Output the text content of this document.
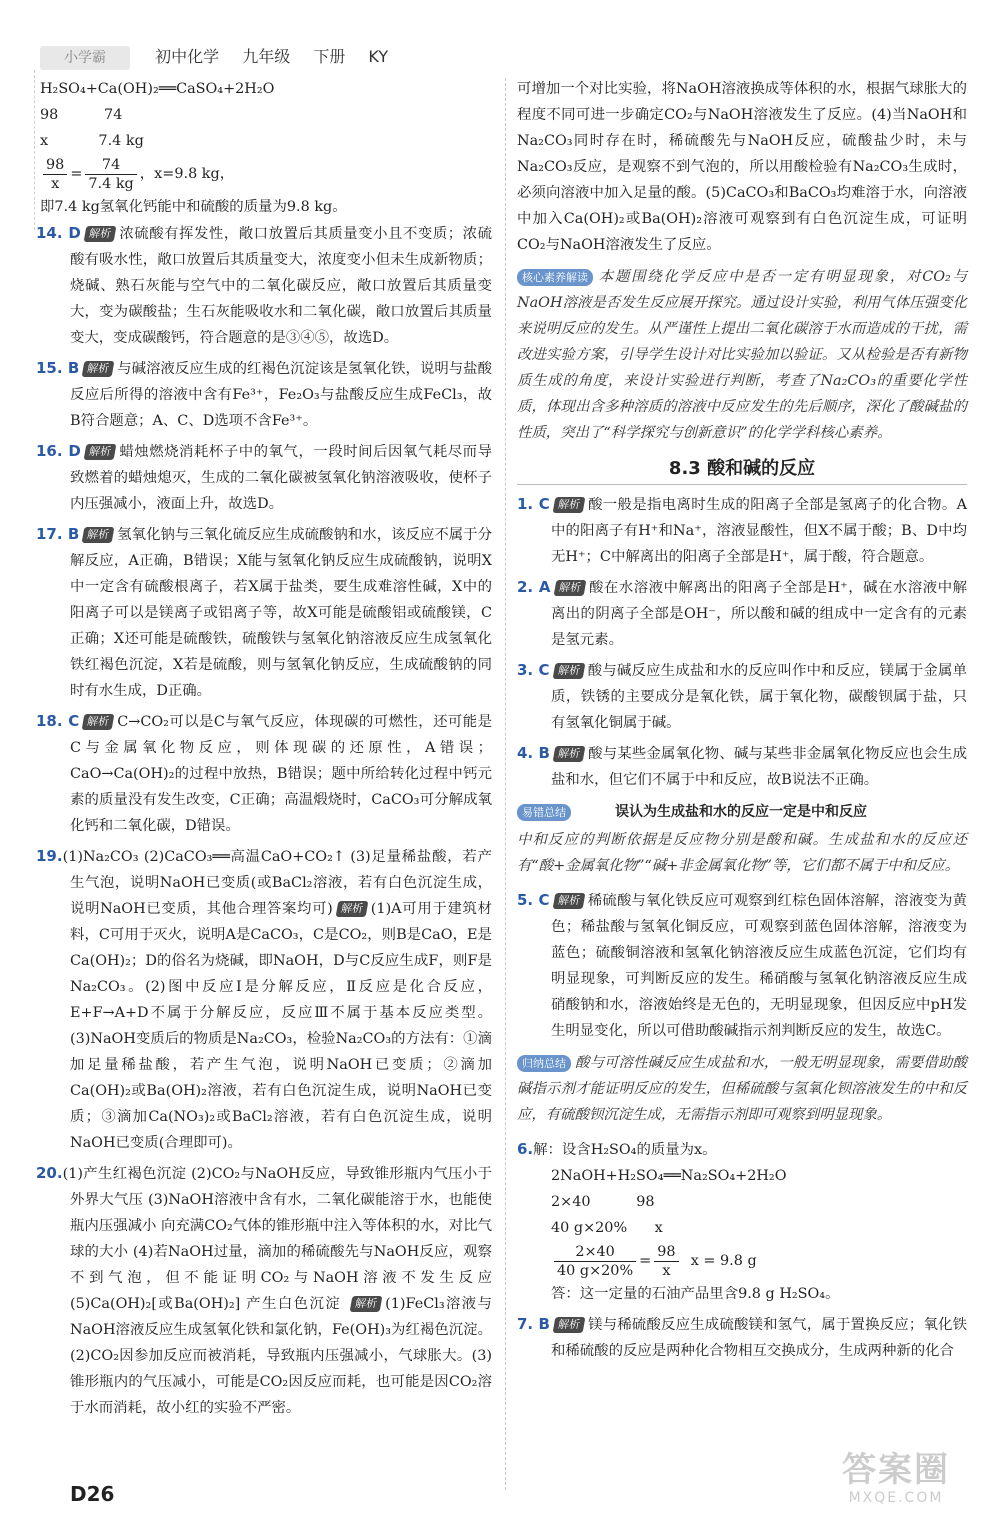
小学霸	初中化学 九年级 下册 KY
H₂SO₄+Ca(OH)₂══CaSO₄+2H₂O
98          74
x           7.4 kg
$\frac{98}{x} = \frac{74}{7.4 kg}$ ，x=9.8 kg，
即7.4 kg氢氧化钙能中和硫酸的质量为9.8 kg。

14. D 解析 浓硫酸有挥发性，敞口放置后其质量变小且不变质；浓硫酸有吸水性，敞口放置后其质量变大，浓度变小但未生成新物质；烧碱、熟石灰能与空气中的二氧化碳反应，敞口放置后其质量变大，变为碳酸盐；生石灰能吸收水和二氧化碳，敞口放置后其质量变大，变成碳酸钙，符合题意的是③④⑤，故选D。

15. B 解析 与碱溶液反应生成的红褐色沉淀该是氢氧化铁，说明与盐酸反应后所得的溶液中含有Fe³⁺，Fe₂O₃与盐酸反应生成FeCl₃，故B符合题意；A、C、D选项不含Fe³⁺。

16. D 解析 蜡烛燃烧消耗杯子中的氧气，一段时间后因氧气耗尽而导致燃着的蜡烛熄灭，生成的二氧化碳被氢氧化钠溶液吸收，使杯子内压强减小，液面上升，故选D。

17. B 解析 氢氧化钠与三氧化硫反应生成硫酸钠和水，该反应不属于分解反应，A正确，B错误；X能与氢氧化钠反应生成硫酸钠，说明X中一定含有硫酸根离子，若X属于盐类，要生成难溶性碱，X中的阳离子可以是镁离子或铝离子等，故X可能是硫酸铝或硫酸镁，C正确；X还可能是硫酸铁，硫酸铁与氢氧化钠溶液反应生成氢氧化铁红褐色沉淀，X若是硫酸，则与氢氧化钠反应，生成硫酸钠的同时有水生成，D正确。

18. C 解析 C→CO₂可以是C与氧气反应，体现碳的可燃性，还可能是C与金属氧化物反应，则体现碳的还原性，A错误；CaO→Ca(OH)₂的过程中放热，B错误；题中所给转化过程中钙元素的质量没有发生改变，C正确；高温煅烧时，CaCO₃可分解成氧化钙和二氧化碳，D错误。

19.(1)Na₂CO₃ (2)CaCO₃══高温CaO+CO₂↑ (3)足量稀盐酸，若产生气泡，说明NaOH已变质(或BaCl₂溶液，若有白色沉淀生成，说明NaOH已变质，其他合理答案均可) 解析 (1)A可用于建筑材料，C可用于灭火，说明A是CaCO₃，C是CO₂，则B是CaO，E是Ca(OH)₂；D的俗名为烧碱，即NaOH，D与C反应生成F，则F是Na₂CO₃。(2)图中反应Ⅰ是分解反应，Ⅱ反应是化合反应，E+F→A+D不属于分解反应，反应Ⅲ不属于基本反应类型。(3)NaOH变质后的物质是Na₂CO₃，检验Na₂CO₃的方法有：①滴加足量稀盐酸，若产生气泡，说明NaOH已变质；②滴加Ca(OH)₂或Ba(OH)₂溶液，若有白色沉淀生成，说明NaOH已变质；③滴加Ca(NO₃)₂或BaCl₂溶液，若有白色沉淀生成，说明NaOH已变质(合理即可)。

20.(1)产生红褐色沉淀 (2)CO₂与NaOH反应，导致锥形瓶内气压小于外界大气压 (3)NaOH溶液中含有水，二氧化碳能溶于水，也能使瓶内压强减小 向充满CO₂气体的锥形瓶中注入等体积的水，对比气球的大小 (4)若NaOH过量，滴加的稀硫酸先与NaOH反应，观察不到气泡，但不能证明CO₂与NaOH溶液不发生反应 (5)Ca(OH)₂[或Ba(OH)₂] 产生白色沉淀 解析 (1)FeCl₃溶液与NaOH溶液反应生成氢氧化铁和氯化钠，Fe(OH)₃为红褐色沉淀。(2)CO₂因参加反应而被消耗，导致瓶内压强减小，气球胀大。(3)锥形瓶内的气压减小，可能是CO₂因反应而耗，也可能是因CO₂溶于水而消耗，故小红的实验不严密。

可增加一个对比实验，将NaOH溶液换成等体积的水，根据气球胀大的程度不同可进一步确定CO₂与NaOH溶液发生了反应。(4)当NaOH和Na₂CO₃同时存在时，稀硫酸先与NaOH反应，硫酸盐少时，未与Na₂CO₃反应，是观察不到气泡的，所以用酸检验有Na₂CO₃生成时，必须向溶液中加入足量的酸。(5)CaCO₃和BaCO₃均难溶于水，向溶液中加入Ca(OH)₂或Ba(OH)₂溶液可观察到有白色沉淀生成，可证明CO₂与NaOH溶液发生了反应。

核心素养解读 本题围绕化学反应中是否一定有明显现象，对CO₂与NaOH溶液是否发生反应展开探究。通过设计实验，利用气体压强变化来说明反应的发生。从严谨性上提出二氧化碳溶于水而造成的干扰，需改进实验方案，引导学生设计对比实验加以验证。又从检验是否有新物质生成的角度，来设计实验进行判断，考查了Na₂CO₃的重要化学性质，体现出含多种溶质的溶液中反应发生的先后顺序，深化了酸碱盐的性质，突出了“科学探究与创新意识”的化学学科核心素养。

8.3 酸和碱的反应

1. C 解析 酸一般是指电离时生成的阳离子全部是氢离子的化合物。A中的阳离子有H⁺和Na⁺，溶液显酸性，但X不属于酸；B、D中均无H⁺；C中解离出的阳离子全部是H⁺，属于酸，符合题意。

2. A 解析 酸在水溶液中解离出的阳离子全部是H⁺，碱在水溶液中解离出的阴离子全部是OH⁻，所以酸和碱的组成中一定含有的元素是氢元素。

3. C 解析 酸与碱反应生成盐和水的反应叫作中和反应，镁属于金属单质，铁锈的主要成分是氧化铁，属于氧化物，碳酸钡属于盐，只有氢氧化铜属于碱。

4. B 解析 酸与某些金属氧化物、碱与某些非金属氧化物反应也会生成盐和水，但它们不属于中和反应，故B说法不正确。

易错总结	误认为生成盐和水的反应一定是中和反应

中和反应的判断依据是反应物分别是酸和碱。生成盐和水的反应还有“酸+金属氧化物”“碱+非金属氧化物”等，它们都不属于中和反应。

5. C 解析 稀硫酸与氧化铁反应可观察到红棕色固体溶解，溶液变为黄色；稀盐酸与氢氧化铜反应，可观察到蓝色固体溶解，溶液变为蓝色；硫酸铜溶液和氢氧化钠溶液反应生成蓝色沉淀，它们均有明显现象，可判断反应的发生。稀硝酸与氢氧化钠溶液反应生成硝酸钠和水，溶液始终是无色的，无明显现象，但因反应中pH发生明显变化，所以可借助酸碱指示剂判断反应的发生，故选C。

归纳总结 酸与可溶性碱反应生成盐和水，一般无明显现象，需要借助酸碱指示剂才能证明反应的发生，但稀硫酸与氢氧化钡溶液发生的中和反应，有硫酸钡沉淀生成，无需指示剂即可观察到明显现象。

6.解：设含H₂SO₄的质量为x。
2NaOH+H₂SO₄══Na₂SO₄+2H₂O
2×40          98
40 g×20%      x
$\frac{2\times 40}{40 g\times 20\%} = \frac{98}{x}$ x = 9.8 g
答：这一定量的石油产品里含9.8 g H₂SO₄。

7. B 解析 镁与稀硫酸反应生成硫酸镁和氢气，属于置换反应；氧化铁和稀硫酸的反应是两种化合物相互交换成分，生成两种新的化合

D26
答案圈
MXQE.COM
